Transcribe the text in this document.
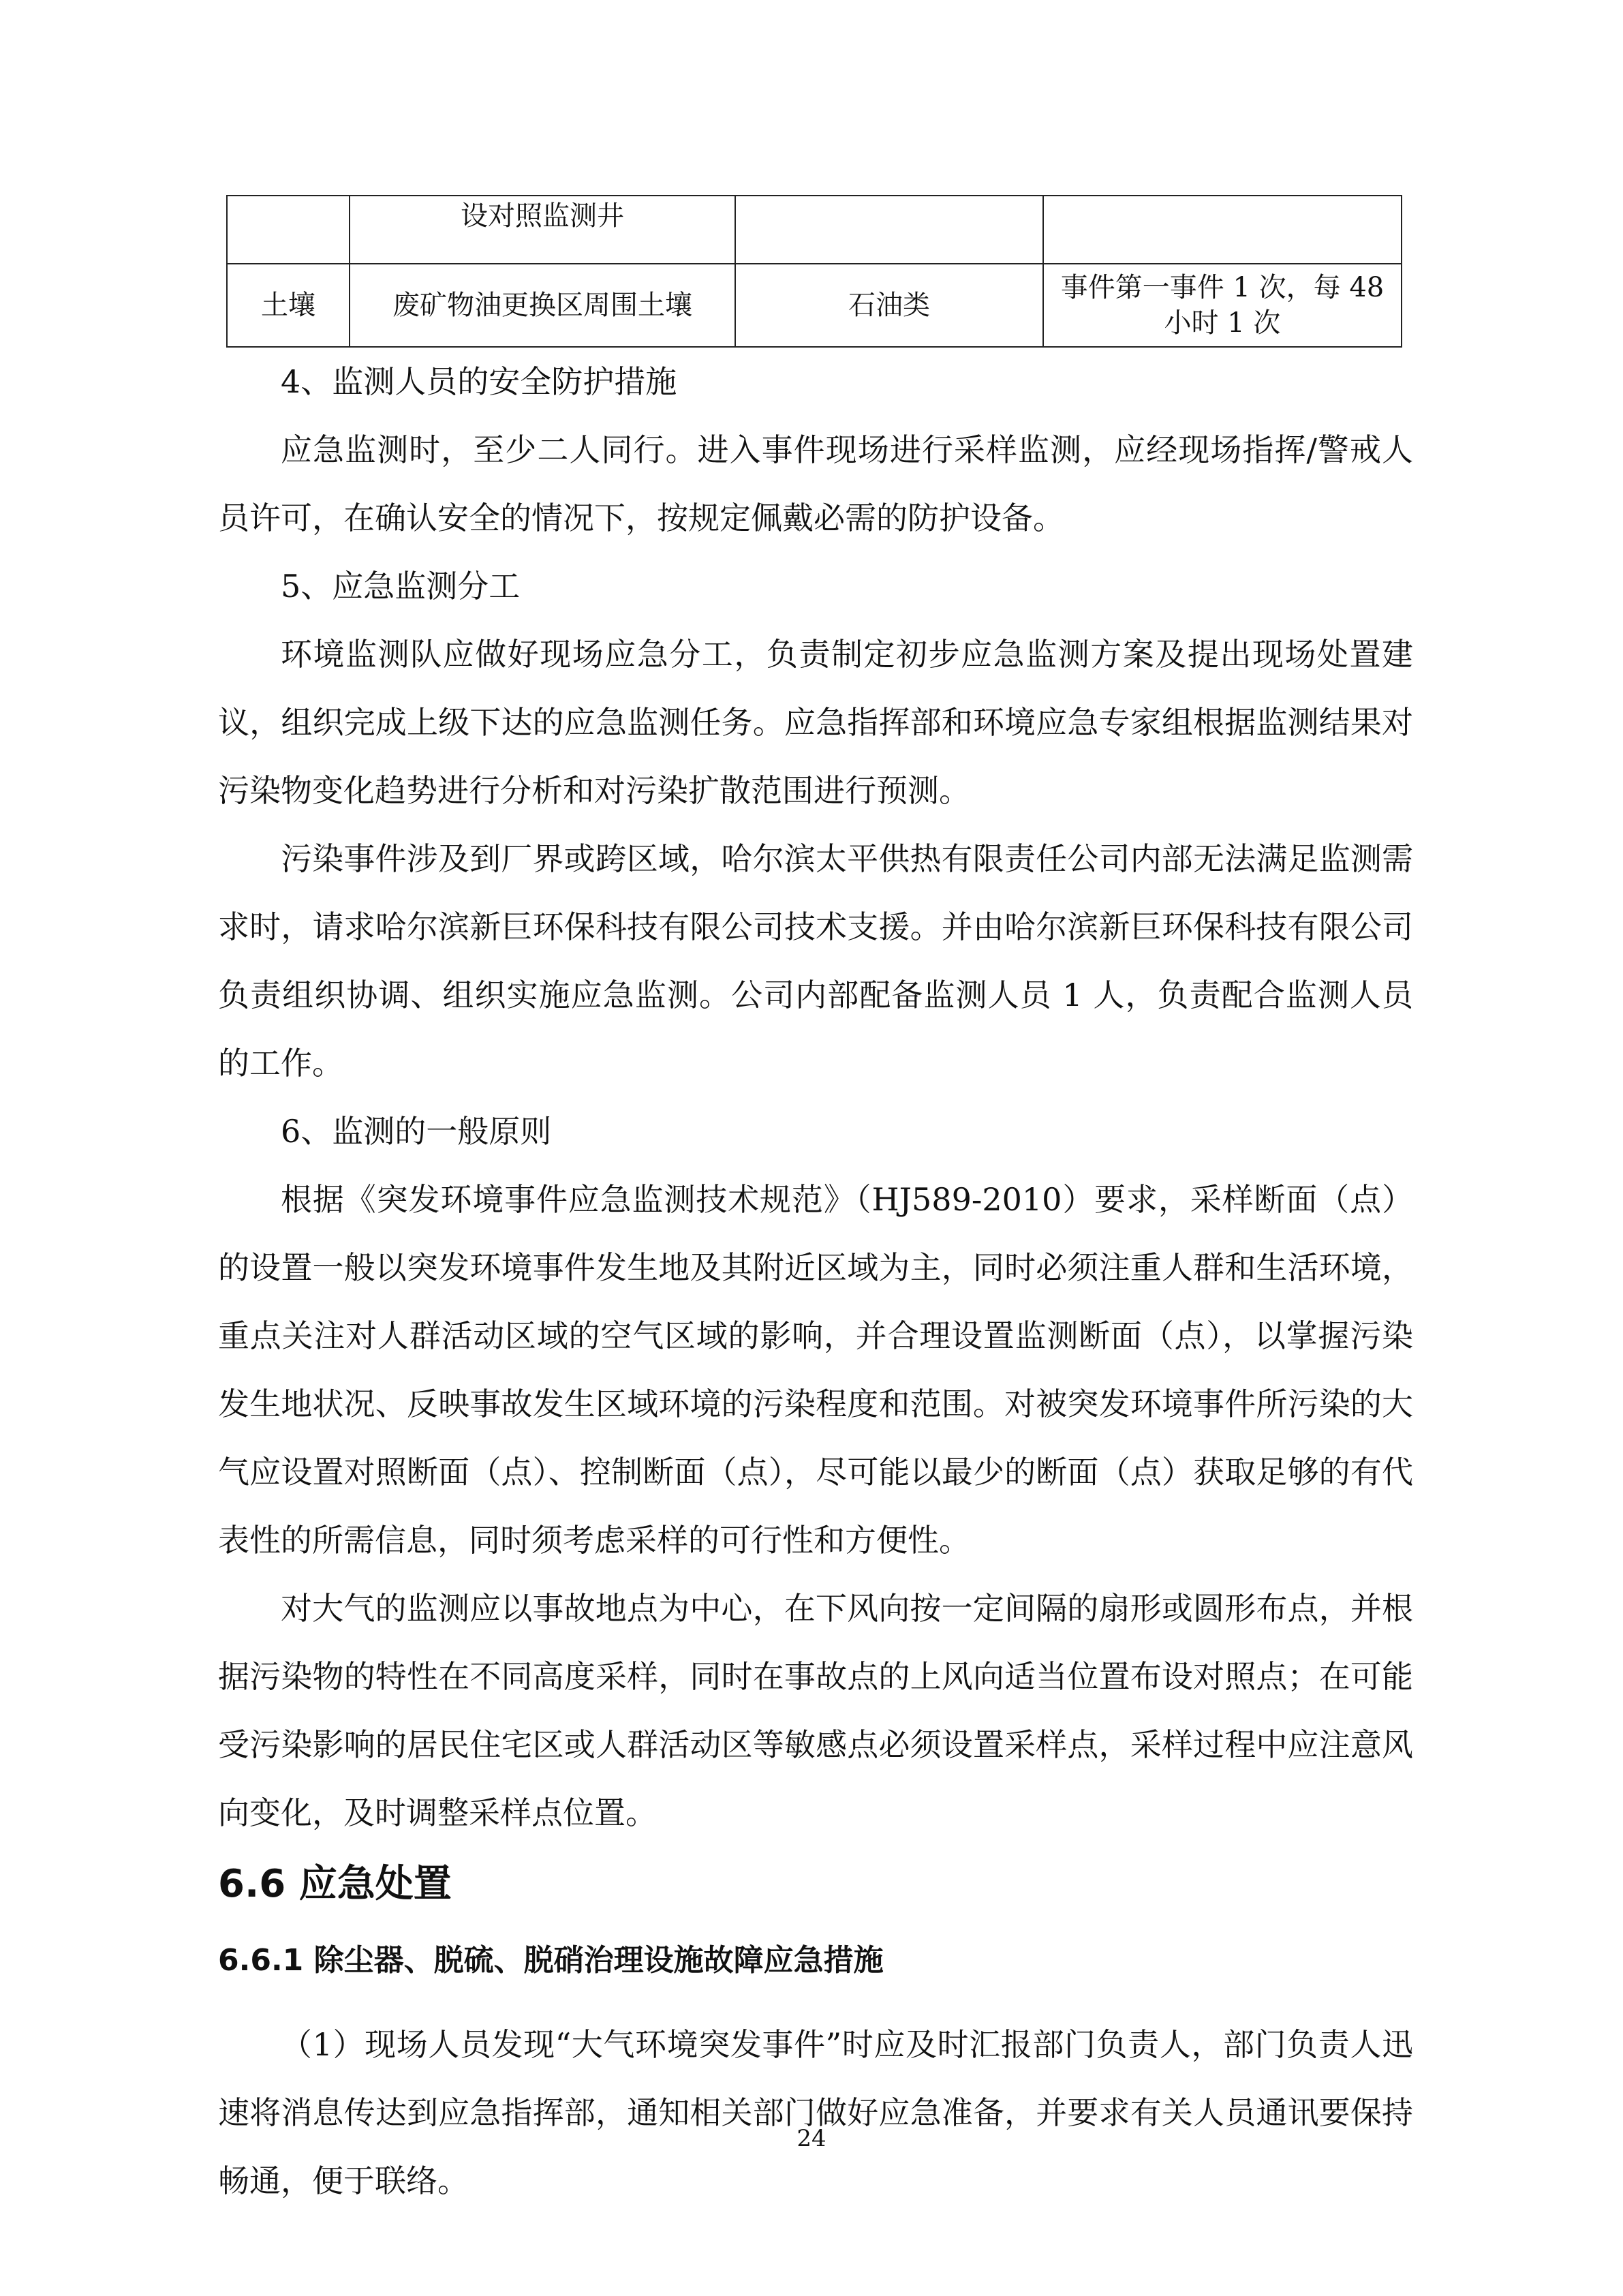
	设对照监测井		
土壤	废矿物油更换区周围土壤	石油类	事件第一事件 1 次，每 48 小时 1 次

4、监测人员的安全防护措施

应急监测时，至少二人同行。进入事件现场进行采样监测，应经现场指挥/警戒人员许可，在确认安全的情况下，按规定佩戴必需的防护设备。

5、应急监测分工

环境监测队应做好现场应急分工，负责制定初步应急监测方案及提出现场处置建议，组织完成上级下达的应急监测任务。应急指挥部和环境应急专家组根据监测结果对污染物变化趋势进行分析和对污染扩散范围进行预测。

污染事件涉及到厂界或跨区域，哈尔滨太平供热有限责任公司内部无法满足监测需求时，请求哈尔滨新巨环保科技有限公司技术支援。并由哈尔滨新巨环保科技有限公司负责组织协调、组织实施应急监测。公司内部配备监测人员 1 人，负责配合监测人员的工作。

6、监测的一般原则

根据《突发环境事件应急监测技术规范》（HJ589-2010）要求，采样断面（点）的设置一般以突发环境事件发生地及其附近区域为主，同时必须注重人群和生活环境，重点关注对人群活动区域的空气区域的影响，并合理设置监测断面（点），以掌握污染发生地状况、反映事故发生区域环境的污染程度和范围。对被突发环境事件所污染的大气应设置对照断面（点）、控制断面（点），尽可能以最少的断面（点）获取足够的有代表性的所需信息，同时须考虑采样的可行性和方便性。

对大气的监测应以事故地点为中心，在下风向按一定间隔的扇形或圆形布点，并根据污染物的特性在不同高度采样，同时在事故点的上风向适当位置布设对照点；在可能受污染影响的居民住宅区或人群活动区等敏感点必须设置采样点，采样过程中应注意风向变化，及时调整采样点位置。

6.6 应急处置
6.6.1 除尘器、脱硫、脱硝治理设施故障应急措施

（1）现场人员发现“大气环境突发事件”时应及时汇报部门负责人，部门负责人迅速将消息传达到应急指挥部，通知相关部门做好应急准备，并要求有关人员通讯要保持畅通，便于联络。

24
